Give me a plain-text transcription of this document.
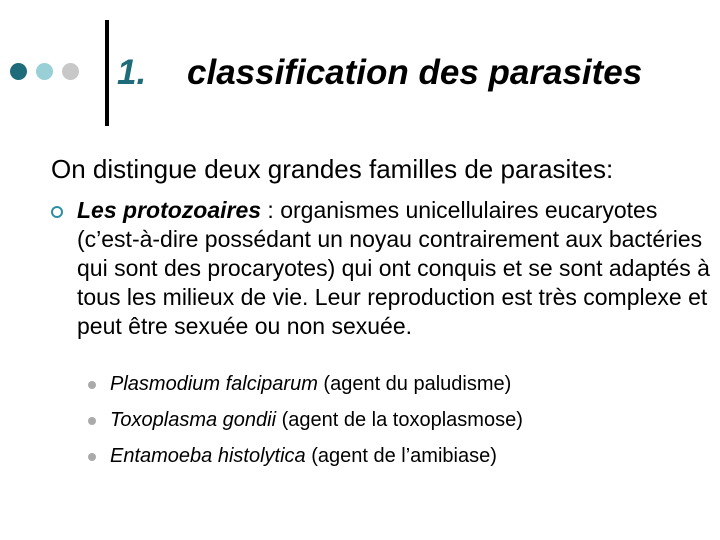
1. classification des parasites
On distingue deux grandes familles de parasites:
Les protozoaires : organismes unicellulaires eucaryotes (c’est-à-dire possédant un noyau contrairement aux bactéries qui sont des procaryotes) qui ont conquis et se sont adaptés à tous les milieux de vie. Leur reproduction est très complexe et peut être sexuée ou non sexuée.
Plasmodium falciparum (agent du paludisme)
Toxoplasma gondii (agent de la toxoplasmose)
Entamoeba histolytica (agent de l’amibiase)
